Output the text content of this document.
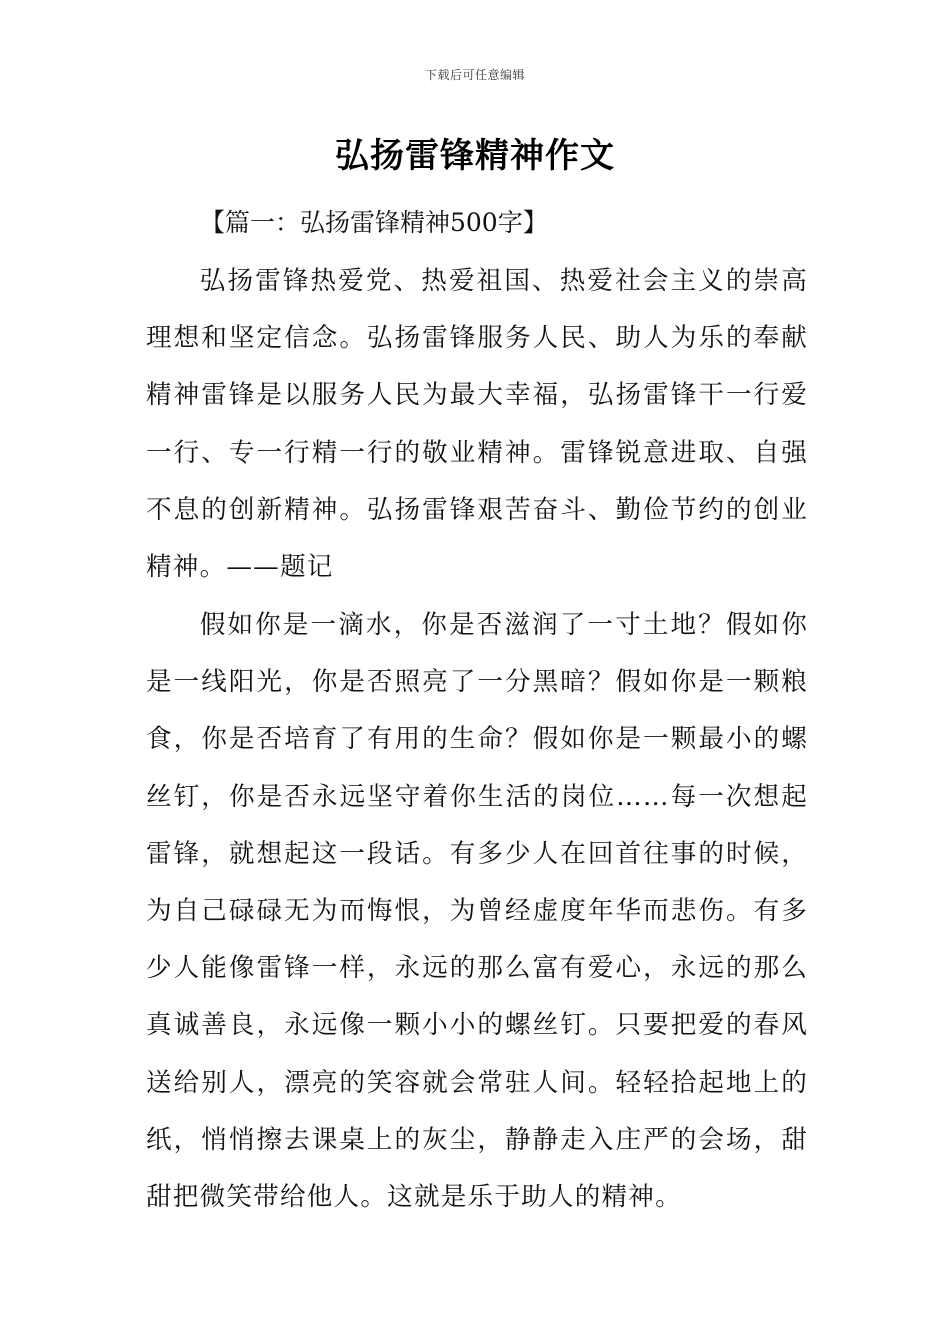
下载后可任意编辑
弘扬雷锋精神作文
【篇一：弘扬雷锋精神500字】

弘扬雷锋热爱党、热爱祖国、热爱社会主义的崇高理想和坚定信念。弘扬雷锋服务人民、助人为乐的奉献精神雷锋是以服务人民为最大幸福，弘扬雷锋干一行爱一行、专一行精一行的敬业精神。雷锋锐意进取、自强不息的创新精神。弘扬雷锋艰苦奋斗、勤俭节约的创业精神。——题记

假如你是一滴水，你是否滋润了一寸土地？假如你是一线阳光，你是否照亮了一分黑暗？假如你是一颗粮食，你是否培育了有用的生命？假如你是一颗最小的螺丝钉，你是否永远坚守着你生活的岗位……每一次想起雷锋，就想起这一段话。有多少人在回首往事的时候，为自己碌碌无为而悔恨，为曾经虚度年华而悲伤。有多少人能像雷锋一样，永远的那么富有爱心，永远的那么真诚善良，永远像一颗小小的螺丝钉。只要把爱的春风送给别人，漂亮的笑容就会常驻人间。轻轻拾起地上的纸，悄悄擦去课桌上的灰尘，静静走入庄严的会场，甜甜把微笑带给他人。这就是乐于助人的精神。
